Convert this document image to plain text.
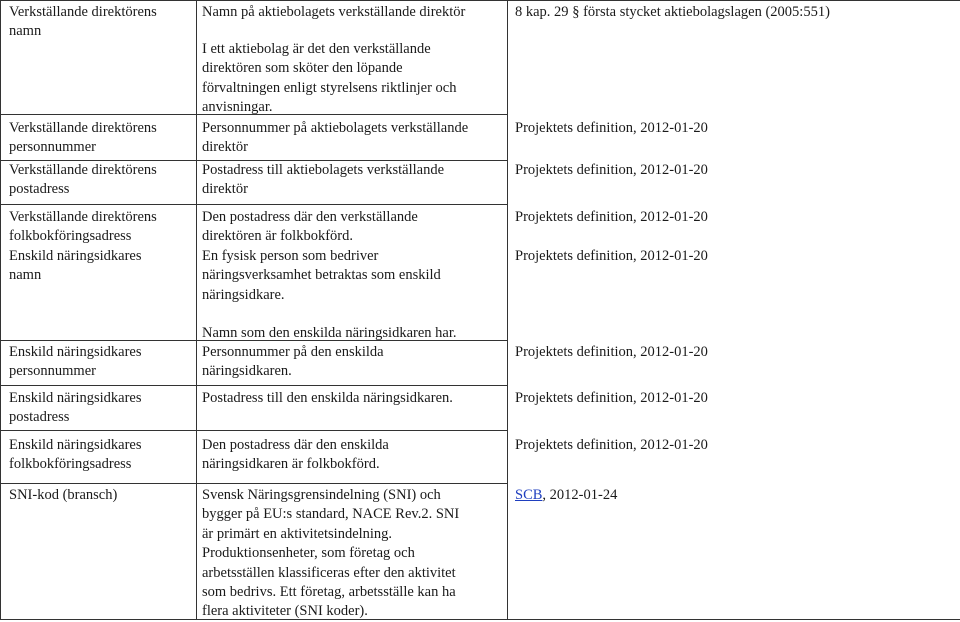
Verkställande direktörens
namn
Verkställande direktörens
personnummer
Verkställande direktörens
postadress
Verkställande direktörens
folkbokföringsadress
Enskild näringsidkares
namn
Enskild näringsidkares
personnummer
Enskild näringsidkares
postadress
Enskild näringsidkares
folkbokföringsadress
SNI-kod (bransch)
Namn på aktiebolagets verkställande direktör
I ett aktiebolag är det den verkställande
direktören som sköter den löpande
förvaltningen enligt styrelsens riktlinjer och
anvisningar.
Personnummer på aktiebolagets verkställande
direktör
Postadress till aktiebolagets verkställande
direktör
Den postadress där den verkställande
direktören är folkbokförd.
En fysisk person som bedriver
näringsverksamhet betraktas som enskild
näringsidkare.
Namn som den enskilda näringsidkaren har.
Personnummer på den enskilda
näringsidkaren.
Postadress till den enskilda näringsidkaren.
Den postadress där den enskilda
näringsidkaren är folkbokförd.
Svensk Näringsgrensindelning (SNI) och
bygger på EU:s standard, NACE Rev.2. SNI
är primärt en aktivitetsindelning.
Produktionsenheter, som företag och
arbetsställen klassificeras efter den aktivitet
som bedrivs. Ett företag, arbetsställe kan ha
flera aktiviteter (SNI koder).
8 kap. 29 § första stycket aktiebolagslagen (2005:551)
Projektets definition, 2012-01-20
Projektets definition, 2012-01-20
Projektets definition, 2012-01-20
Projektets definition, 2012-01-20
Projektets definition, 2012-01-20
Projektets definition, 2012-01-20
Projektets definition, 2012-01-20
SCB, 2012-01-24
